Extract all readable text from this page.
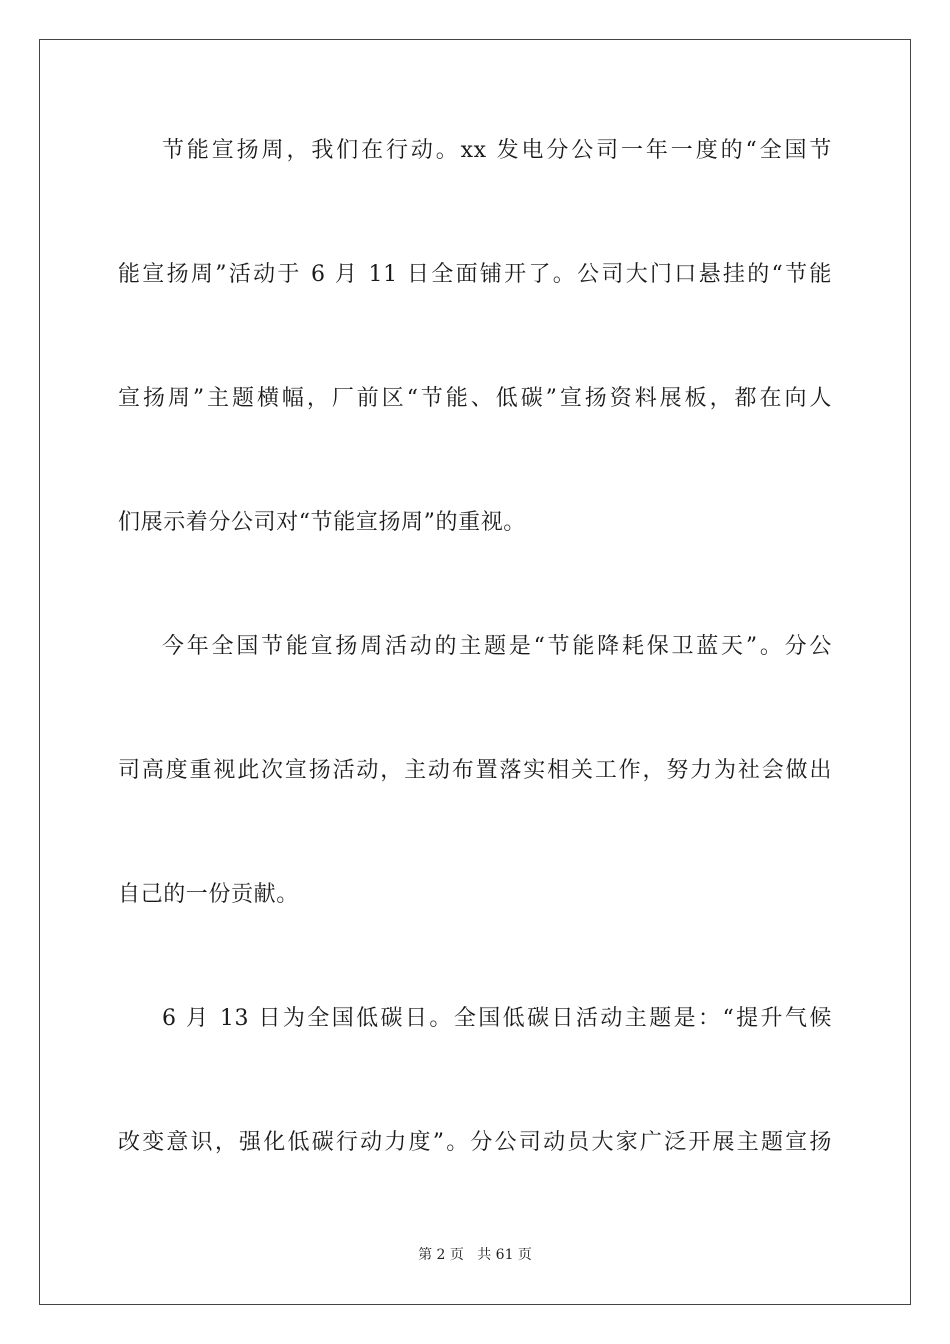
节能宣扬周，我们在行动。xx 发电分公司一年一度的“全国节
能宣扬周”活动于 6 月 11 日全面铺开了。公司大门口悬挂的“节能
宣扬周”主题横幅，厂前区“节能、低碳”宣扬资料展板，都在向人
们展示着分公司对“节能宣扬周”的重视。
今年全国节能宣扬周活动的主题是“节能降耗保卫蓝天”。分公
司高度重视此次宣扬活动，主动布置落实相关工作，努力为社会做出
自己的一份贡献。
6 月 13 日为全国低碳日。全国低碳日活动主题是：“提升气候
改变意识，强化低碳行动力度”。分公司动员大家广泛开展主题宣扬
第 2 页   共 61 页
